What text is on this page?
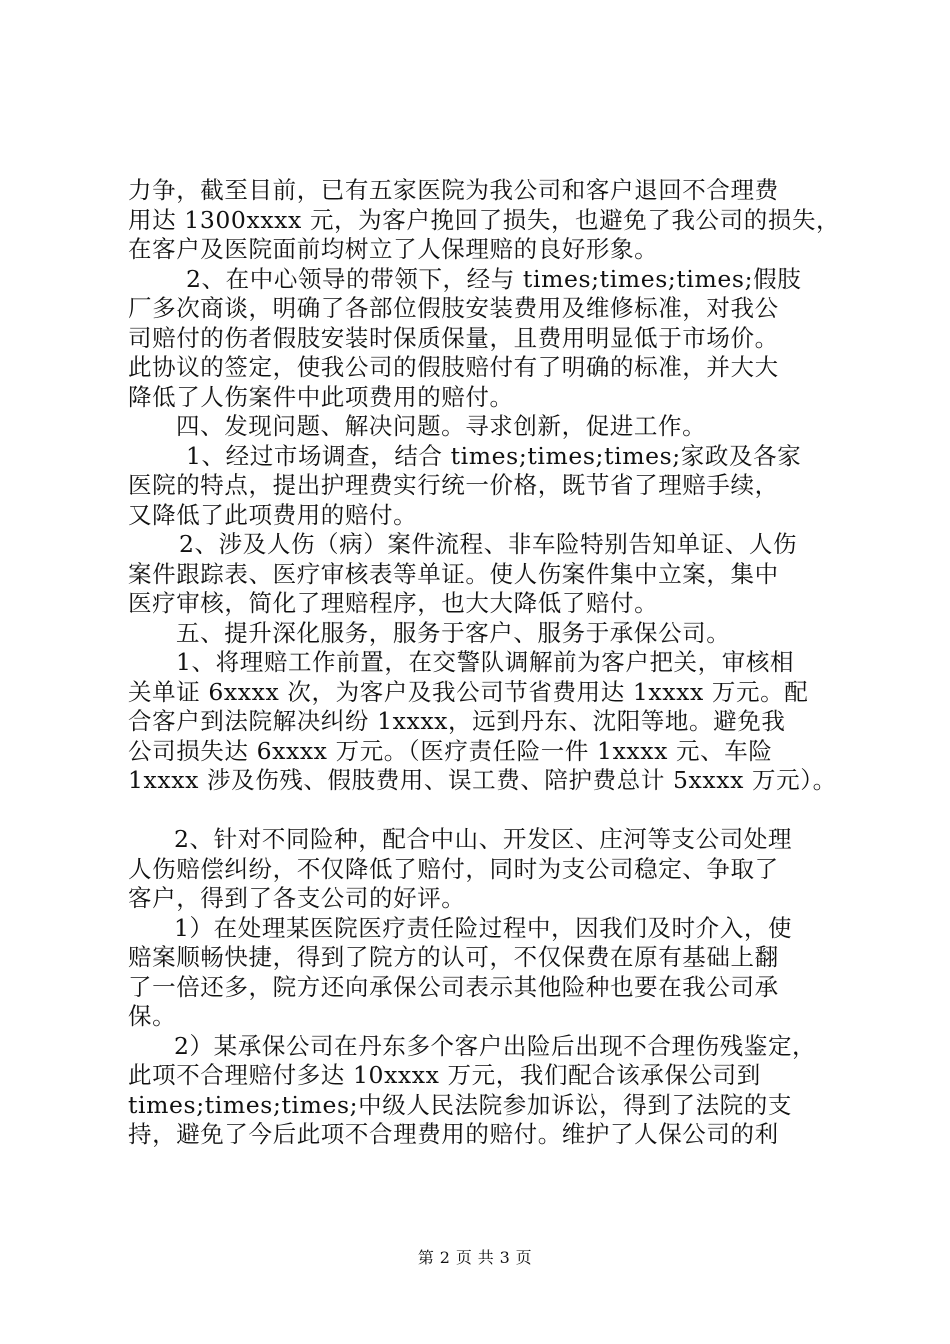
力争，截至目前，已有五家医院为我公司和客户退回不合理费
用达 1300xxxx 元，为客户挽回了损失，也避免了我公司的损失，
在客户及医院面前均树立了人保理赔的良好形象。
2、在中心领导的带领下，经与 times;times;times;假肢
厂多次商谈，明确了各部位假肢安装费用及维修标准，对我公
司赔付的伤者假肢安装时保质保量，且费用明显低于市场价。
此协议的签定，使我公司的假肢赔付有了明确的标准，并大大
降低了人伤案件中此项费用的赔付。
四、发现问题、解决问题。寻求创新，促进工作。
1、经过市场调查，结合 times;times;times;家政及各家
医院的特点，提出护理费实行统一价格，既节省了理赔手续，
又降低了此项费用的赔付。
2、涉及人伤（病）案件流程、非车险特别告知单证、人伤
案件跟踪表、医疗审核表等单证。使人伤案件集中立案，集中
医疗审核，简化了理赔程序，也大大降低了赔付。
五、提升深化服务，服务于客户、服务于承保公司。
1、将理赔工作前置，在交警队调解前为客户把关，审核相
关单证 6xxxx 次，为客户及我公司节省费用达 1xxxx 万元。配
合客户到法院解决纠纷 1xxxx，远到丹东、沈阳等地。避免我
公司损失达 6xxxx 万元。（医疗责任险一件 1xxxx 元、车险
1xxxx 涉及伤残、假肢费用、误工费、陪护费总计 5xxxx 万元）。
2、针对不同险种，配合中山、开发区、庄河等支公司处理
人伤赔偿纠纷，不仅降低了赔付，同时为支公司稳定、争取了
客户，得到了各支公司的好评。
1）在处理某医院医疗责任险过程中，因我们及时介入，使
赔案顺畅快捷，得到了院方的认可，不仅保费在原有基础上翻
了一倍还多，院方还向承保公司表示其他险种也要在我公司承
保。
2）某承保公司在丹东多个客户出险后出现不合理伤残鉴定，
此项不合理赔付多达 10xxxx 万元，我们配合该承保公司到
times;times;times;中级人民法院参加诉讼，得到了法院的支
持，避免了今后此项不合理费用的赔付。维护了人保公司的利
第 2 页 共 3 页
